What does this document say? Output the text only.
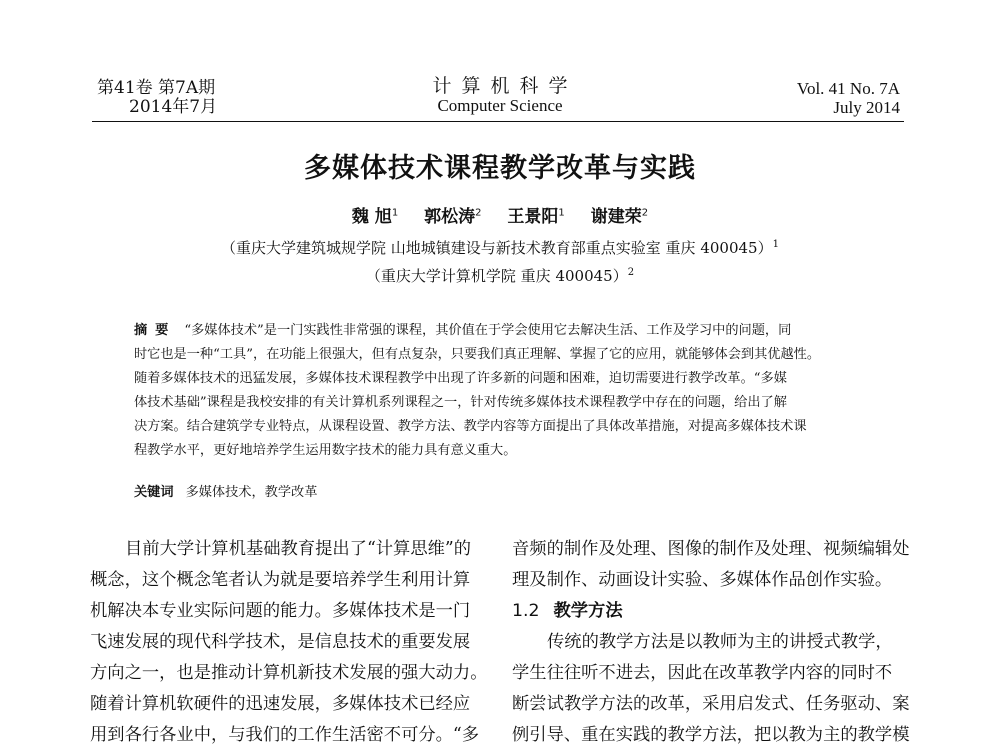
第41卷 第7A期
2014年7月
计算机科学
Computer Science
Vol. 41 No. 7A
July 2014
多媒体技术课程教学改革与实践
魏 旭$^1$ 郭松涛$^2$ 王景阳$^1$ 谢建荣$^2$
（重庆大学建筑城规学院 山地城镇建设与新技术教育部重点实验室 重庆 400045）$^1$
（重庆大学计算机学院 重庆 400045）$^2$
摘要 “多媒体技术”是一门实践性非常强的课程，其价值在于学会使用它去解决生活、工作及学习中的问题，同
时它也是一种“工具”，在功能上很强大，但有点复杂，只要我们真正理解、掌握了它的应用，就能够体会到其优越性。
随着多媒体技术的迅猛发展，多媒体技术课程教学中出现了许多新的问题和困难，迫切需要进行教学改革。“多媒
体技术基础”课程是我校安排的有关计算机系列课程之一，针对传统多媒体技术课程教学中存在的问题，给出了解
决方案。结合建筑学专业特点，从课程设置、教学方法、教学内容等方面提出了具体改革措施，对提高多媒体技术课
程教学水平，更好地培养学生运用数字技术的能力具有意义重大。
关键词 多媒体技术，教学改革
目前大学计算机基础教育提出了“计算思维”的
概念，这个概念笔者认为就是要培养学生利用计算
机解决本专业实际问题的能力。多媒体技术是一门
飞速发展的现代科学技术，是信息技术的重要发展
方向之一，也是推动计算机新技术发展的强大动力。
随着计算机软硬件的迅速发展，多媒体技术已经应
用到各行各业中，与我们的工作生活密不可分。“多
音频的制作及处理、图像的制作及处理、视频编辑处
理及制作、动画设计实验、多媒体作品创作实验。
1.2 教学方法
传统的教学方法是以教师为主的讲授式教学，
学生往往听不进去，因此在改革教学内容的同时不
断尝试教学方法的改革，采用启发式、任务驱动、案
例引导、重在实践的教学方法，把以教为主的教学模
